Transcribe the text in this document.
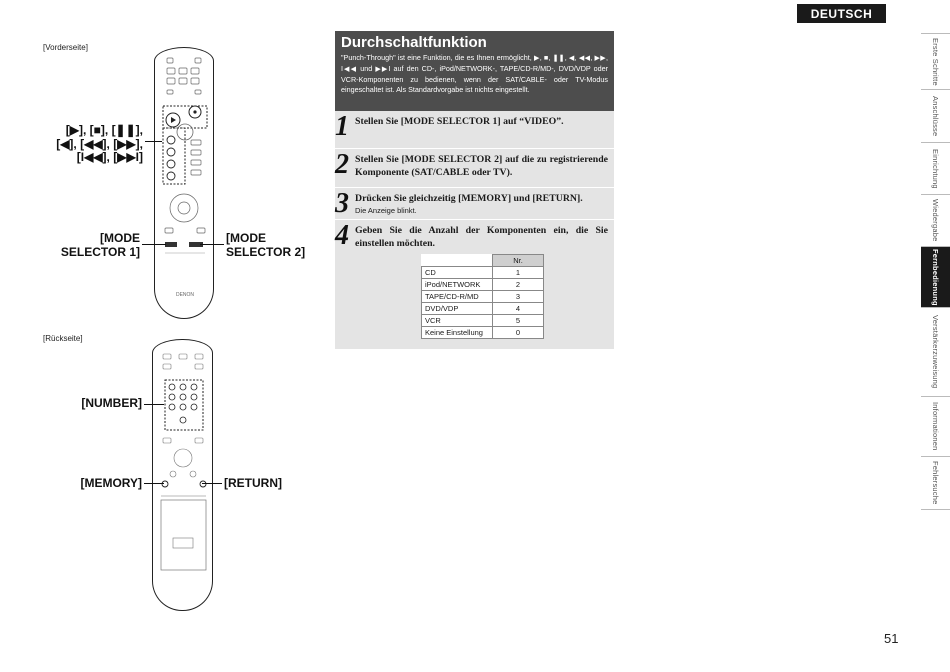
DEUTSCH
[Vorderseite]
[Rückseite]
DENON
[▶], [■], [❚❚],
[◀], [◀◀], [▶▶],
[I◀◀], [▶▶I]
[MODE
SELECTOR 1]
[MODE
SELECTOR 2]
[NUMBER]
[MEMORY]	[RETURN]
Durchschaltfunktion
"Punch-Through" ist eine Funktion, die es Ihnen ermöglicht, ▶, ■, ❚❚, ◀, ◀◀, ▶▶, I◀◀ und ▶▶I auf den CD-, iPod/NETWORK-, TAPE/CD-R/MD-, DVD/VDP oder VCR-Komponenten zu bedienen, wenn der SAT/CABLE- oder TV-Modus eingeschaltet ist. Als Standardvorgabe ist nichts eingestellt.
1 Stellen Sie [MODE SELECTOR 1] auf “VIDEO”.
2 Stellen Sie [MODE SELECTOR 2] auf die zu registrierende Komponente (SAT/CABLE oder TV).
3 Drücken Sie gleichzeitig [MEMORY] und [RETURN].
Die Anzeige blinkt.
4 Geben Sie die Anzahl der Komponenten ein, die Sie einstellen möchten.
	Nr.
CD	1
iPod/NETWORK	2
TAPE/CD-R/MD	3
DVD/VDP	4
VCR	5
Keine Einstellung	0
Erste Schritte
Anschlüsse
Einrichtung
Wiedergabe
Fernbedienung
Verstärkerzuweisung
Informationen
Fehlersuche
51
